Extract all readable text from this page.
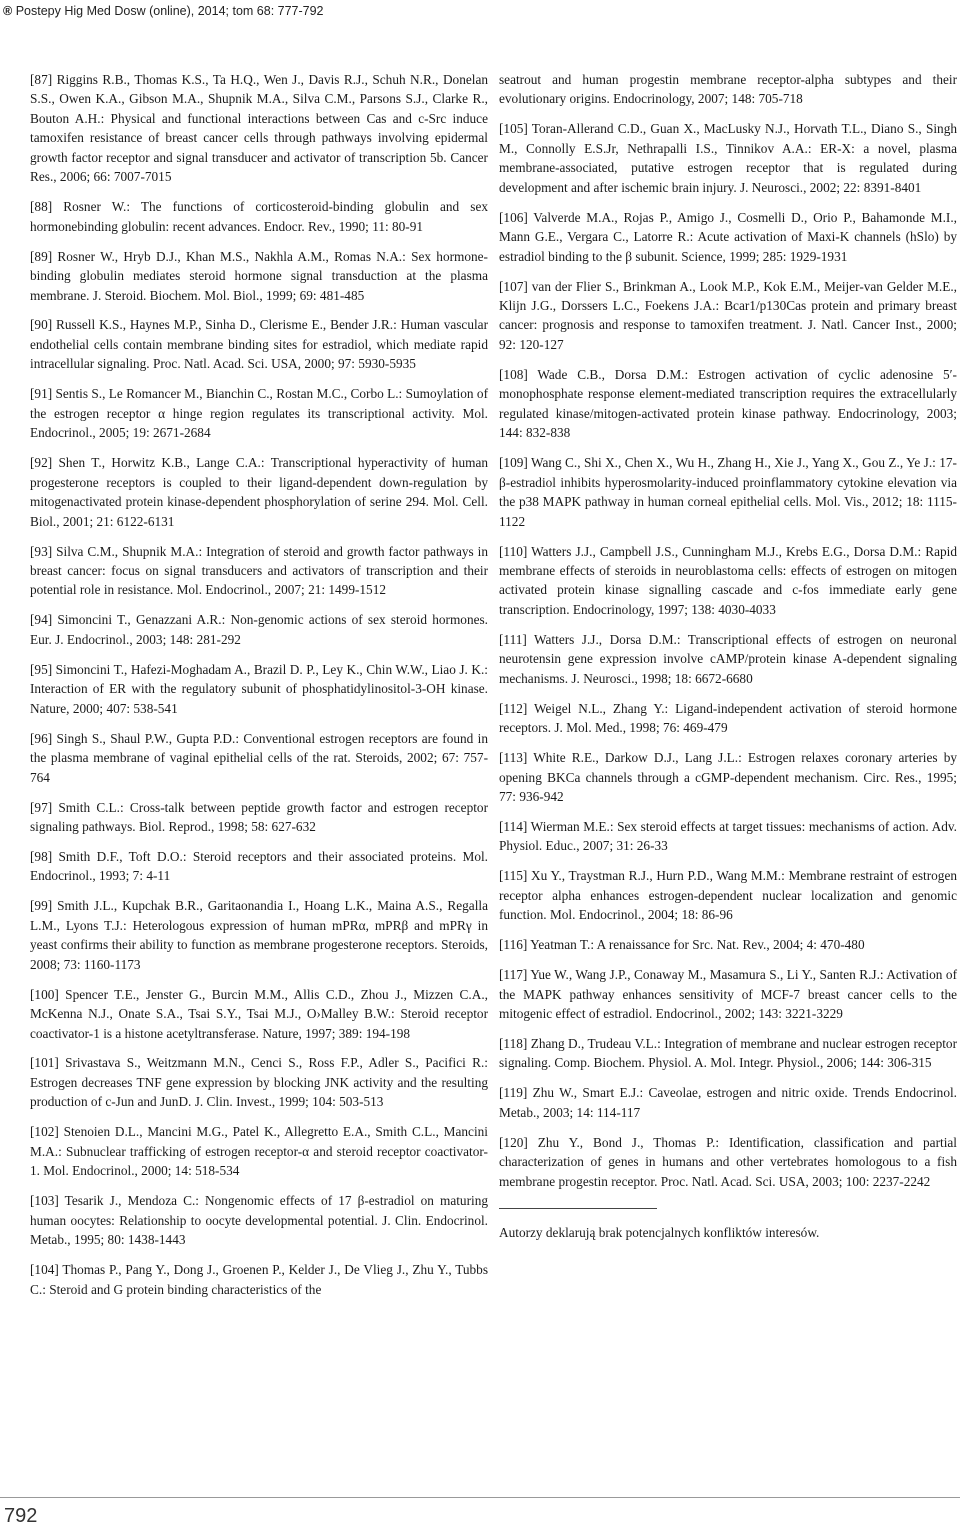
® Postepy Hig Med Dosw (online), 2014; tom 68: 777-792

[87] Riggins R.B., Thomas K.S., Ta H.Q., Wen J., Davis R.J., Schuh N.R., Donelan S.S., Owen K.A., Gibson M.A., Shupnik M.A., Silva C.M., Parsons S.J., Clarke R., Bouton A.H.: Physical and functional interactions between Cas and c-Src induce tamoxifen resistance of breast cancer cells through pathways involving epidermal growth factor receptor and signal transducer and activator of transcription 5b. Cancer Res., 2006; 66: 7007-7015

[88] Rosner W.: The functions of corticosteroid-binding globulin and sex hormonebinding globulin: recent advances. Endocr. Rev., 1990; 11: 80-91

[89] Rosner W., Hryb D.J., Khan M.S., Nakhla A.M., Romas N.A.: Sex hormone-binding globulin mediates steroid hormone signal transduction at the plasma membrane. J. Steroid. Biochem. Mol. Biol., 1999; 69: 481-485

[90] Russell K.S., Haynes M.P., Sinha D., Clerisme E., Bender J.R.: Human vascular endothelial cells contain membrane binding sites for estradiol, which mediate rapid intracellular signaling. Proc. Natl. Acad. Sci. USA, 2000; 97: 5930-5935

[91] Sentis S., Le Romancer M., Bianchin C., Rostan M.C., Corbo L.: Sumoylation of the estrogen receptor α hinge region regulates its transcriptional activity. Mol. Endocrinol., 2005; 19: 2671-2684

[92] Shen T., Horwitz K.B., Lange C.A.: Transcriptional hyperactivity of human progesterone receptors is coupled to their ligand-dependent down-regulation by mitogenactivated protein kinase-dependent phosphorylation of serine 294. Mol. Cell. Biol., 2001; 21: 6122-6131

[93] Silva C.M., Shupnik M.A.: Integration of steroid and growth factor pathways in breast cancer: focus on signal transducers and activators of transcription and their potential role in resistance. Mol. Endocrinol., 2007; 21: 1499-1512

[94] Simoncini T., Genazzani A.R.: Non-genomic actions of sex steroid hormones. Eur. J. Endocrinol., 2003; 148: 281-292

[95] Simoncini T., Hafezi-Moghadam A., Brazil D. P., Ley K., Chin W.W., Liao J. K.: Interaction of ER with the regulatory subunit of phosphatidylinositol-3-OH kinase. Nature, 2000; 407: 538-541

[96] Singh S., Shaul P.W., Gupta P.D.: Conventional estrogen receptors are found in the plasma membrane of vaginal epithelial cells of the rat. Steroids, 2002; 67: 757-764

[97] Smith C.L.: Cross-talk between peptide growth factor and estrogen receptor signaling pathways. Biol. Reprod., 1998; 58: 627-632

[98] Smith D.F., Toft D.O.: Steroid receptors and their associated proteins. Mol. Endocrinol., 1993; 7: 4-11

[99] Smith J.L., Kupchak B.R., Garitaonandia I., Hoang L.K., Maina A.S., Regalla L.M., Lyons T.J.: Heterologous expression of human mPRα, mPRβ and mPRγ in yeast confirms their ability to function as membrane progesterone receptors. Steroids, 2008; 73: 1160-1173

[100] Spencer T.E., Jenster G., Burcin M.M., Allis C.D., Zhou J., Mizzen C.A., McKenna N.J., Onate S.A., Tsai S.Y., Tsai M.J., O›Malley B.W.: Steroid receptor coactivator-1 is a histone acetyltransferase. Nature, 1997; 389: 194-198

[101] Srivastava S., Weitzmann M.N., Cenci S., Ross F.P., Adler S., Pacifici R.: Estrogen decreases TNF gene expression by blocking JNK activity and the resulting production of c-Jun and JunD. J. Clin. Invest., 1999; 104: 503-513

[102] Stenoien D.L., Mancini M.G., Patel K., Allegretto E.A., Smith C.L., Mancini M.A.: Subnuclear trafficking of estrogen receptor-α and steroid receptor coactivator-1. Mol. Endocrinol., 2000; 14: 518-534

[103] Tesarik J., Mendoza C.: Nongenomic effects of 17 β-estradiol on maturing human oocytes: Relationship to oocyte developmental potential. J. Clin. Endocrinol. Metab., 1995; 80: 1438-1443

[104] Thomas P., Pang Y., Dong J., Groenen P., Kelder J., De Vlieg J., Zhu Y., Tubbs C.: Steroid and G protein binding characteristics of the

seatrout and human progestin membrane receptor-alpha subtypes and their evolutionary origins. Endocrinology, 2007; 148: 705-718

[105] Toran-Allerand C.D., Guan X., MacLusky N.J., Horvath T.L., Diano S., Singh M., Connolly E.S.Jr, Nethrapalli I.S., Tinnikov A.A.: ER-X: a novel, plasma membrane-associated, putative estrogen receptor that is regulated during development and after ischemic brain injury. J. Neurosci., 2002; 22: 8391-8401

[106] Valverde M.A., Rojas P., Amigo J., Cosmelli D., Orio P., Bahamonde M.I., Mann G.E., Vergara C., Latorre R.: Acute activation of Maxi-K channels (hSlo) by estradiol binding to the β subunit. Science, 1999; 285: 1929-1931

[107] van der Flier S., Brinkman A., Look M.P., Kok E.M., Meijer-van Gelder M.E., Klijn J.G., Dorssers L.C., Foekens J.A.: Bcar1/p130Cas protein and primary breast cancer: prognosis and response to tamoxifen treatment. J. Natl. Cancer Inst., 2000; 92: 120-127

[108] Wade C.B., Dorsa D.M.: Estrogen activation of cyclic adenosine 5′- monophosphate response element-mediated transcription requires the extracellularly regulated kinase/mitogen-activated protein kinase pathway. Endocrinology, 2003; 144: 832-838

[109] Wang C., Shi X., Chen X., Wu H., Zhang H., Xie J., Yang X., Gou Z., Ye J.: 17-β-estradiol inhibits hyperosmolarity-induced proinflammatory cytokine elevation via the p38 MAPK pathway in human corneal epithelial cells. Mol. Vis., 2012; 18: 1115-1122

[110] Watters J.J., Campbell J.S., Cunningham M.J., Krebs E.G., Dorsa D.M.: Rapid membrane effects of steroids in neuroblastoma cells: effects of estrogen on mitogen activated protein kinase signalling cascade and c-fos immediate early gene transcription. Endocrinology, 1997; 138: 4030-4033

[111] Watters J.J., Dorsa D.M.: Transcriptional effects of estrogen on neuronal neurotensin gene expression involve cAMP/protein kinase A-dependent signaling mechanisms. J. Neurosci., 1998; 18: 6672-6680

[112] Weigel N.L., Zhang Y.: Ligand-independent activation of steroid hormone receptors. J. Mol. Med., 1998; 76: 469-479

[113] White R.E., Darkow D.J., Lang J.L.: Estrogen relaxes coronary arteries by opening BKCa channels through a cGMP-dependent mechanism. Circ. Res., 1995; 77: 936-942

[114] Wierman M.E.: Sex steroid effects at target tissues: mechanisms of action. Adv. Physiol. Educ., 2007; 31: 26-33

[115] Xu Y., Traystman R.J., Hurn P.D., Wang M.M.: Membrane restraint of estrogen receptor alpha enhances estrogen-dependent nuclear localization and genomic function. Mol. Endocrinol., 2004; 18: 86-96

[116] Yeatman T.: A renaissance for Src. Nat. Rev., 2004; 4: 470-480

[117] Yue W., Wang J.P., Conaway M., Masamura S., Li Y., Santen R.J.: Activation of the MAPK pathway enhances sensitivity of MCF-7 breast cancer cells to the mitogenic effect of estradiol. Endocrinol., 2002; 143: 3221-3229

[118] Zhang D., Trudeau V.L.: Integration of membrane and nuclear estrogen receptor signaling. Comp. Biochem. Physiol. A. Mol. Integr. Physiol., 2006; 144: 306-315

[119] Zhu W., Smart E.J.: Caveolae, estrogen and nitric oxide. Trends Endocrinol. Metab., 2003; 14: 114-117

[120] Zhu Y., Bond J., Thomas P.: Identification, classification and partial characterization of genes in humans and other vertebrates homologous to a fish membrane progestin receptor. Proc. Natl. Acad. Sci. USA, 2003; 100: 2237-2242

Autorzy deklarują brak potencjalnych konfliktów interesów.
792
